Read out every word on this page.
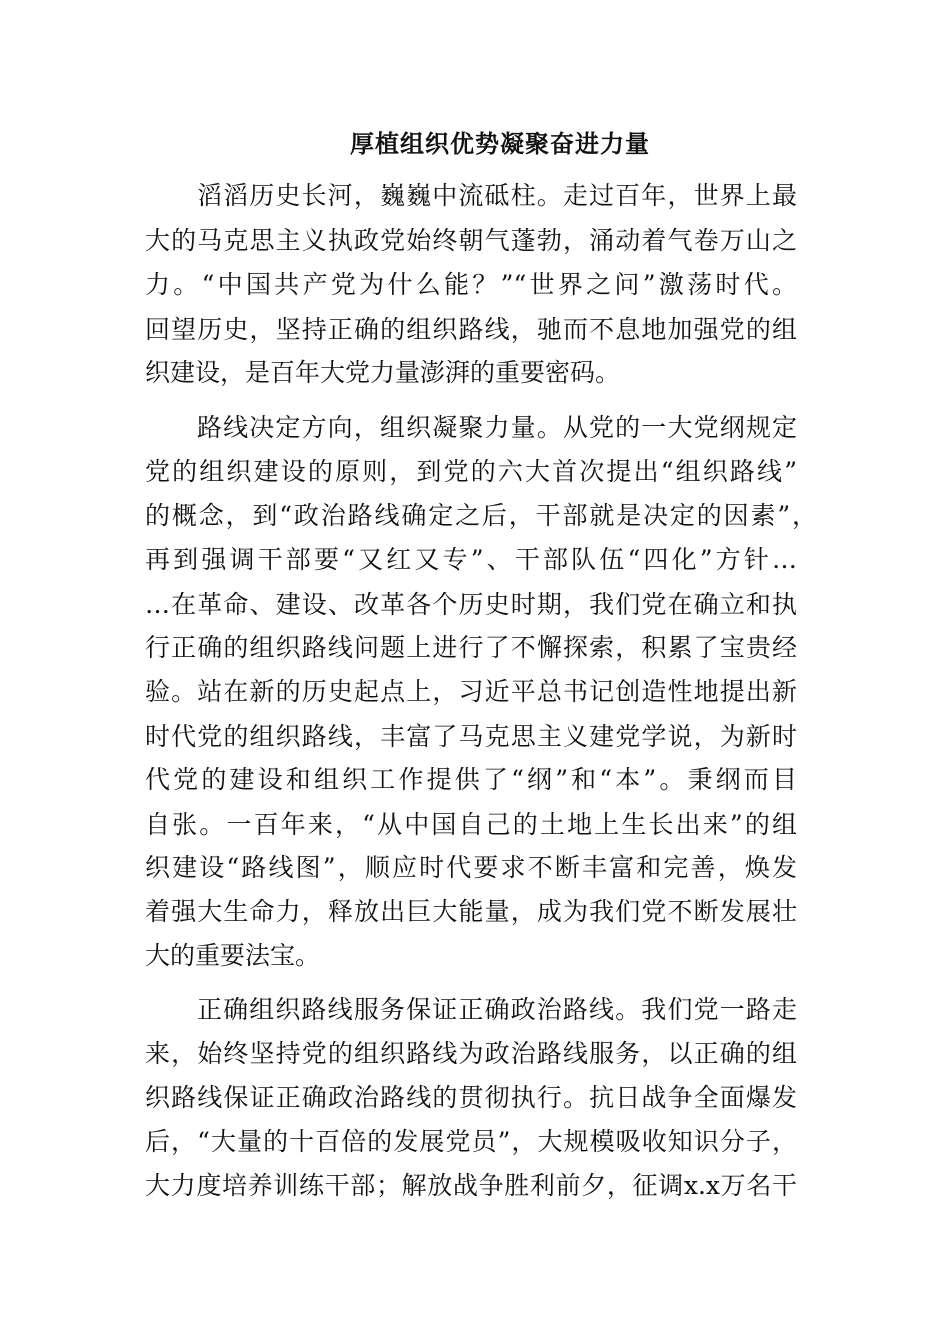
厚植组织优势凝聚奋进力量
滔滔历史长河，巍巍中流砥柱。走过百年，世界上最
大的马克思主义执政党始终朝气蓬勃，涌动着气卷万山之
力。“中国共产党为什么能？”“世界之问”激荡时代。
回望历史，坚持正确的组织路线，驰而不息地加强党的组
织建设，是百年大党力量澎湃的重要密码。
路线决定方向，组织凝聚力量。从党的一大党纲规定
党的组织建设的原则，到党的六大首次提出“组织路线”
的概念，到“政治路线确定之后，干部就是决定的因素”，
再到强调干部要“又红又专”、干部队伍“四化”方针…
…在革命、建设、改革各个历史时期，我们党在确立和执
行正确的组织路线问题上进行了不懈探索，积累了宝贵经
验。站在新的历史起点上，习近平总书记创造性地提出新
时代党的组织路线，丰富了马克思主义建党学说，为新时
代党的建设和组织工作提供了“纲”和“本”。秉纲而目
自张。一百年来，“从中国自己的土地上生长出来”的组
织建设“路线图”，顺应时代要求不断丰富和完善，焕发
着强大生命力，释放出巨大能量，成为我们党不断发展壮
大的重要法宝。
正确组织路线服务保证正确政治路线。我们党一路走
来，始终坚持党的组织路线为政治路线服务，以正确的组
织路线保证正确政治路线的贯彻执行。抗日战争全面爆发
后，“大量的十百倍的发展党员”，大规模吸收知识分子，
大力度培养训练干部；解放战争胜利前夕，征调x.x万名干
